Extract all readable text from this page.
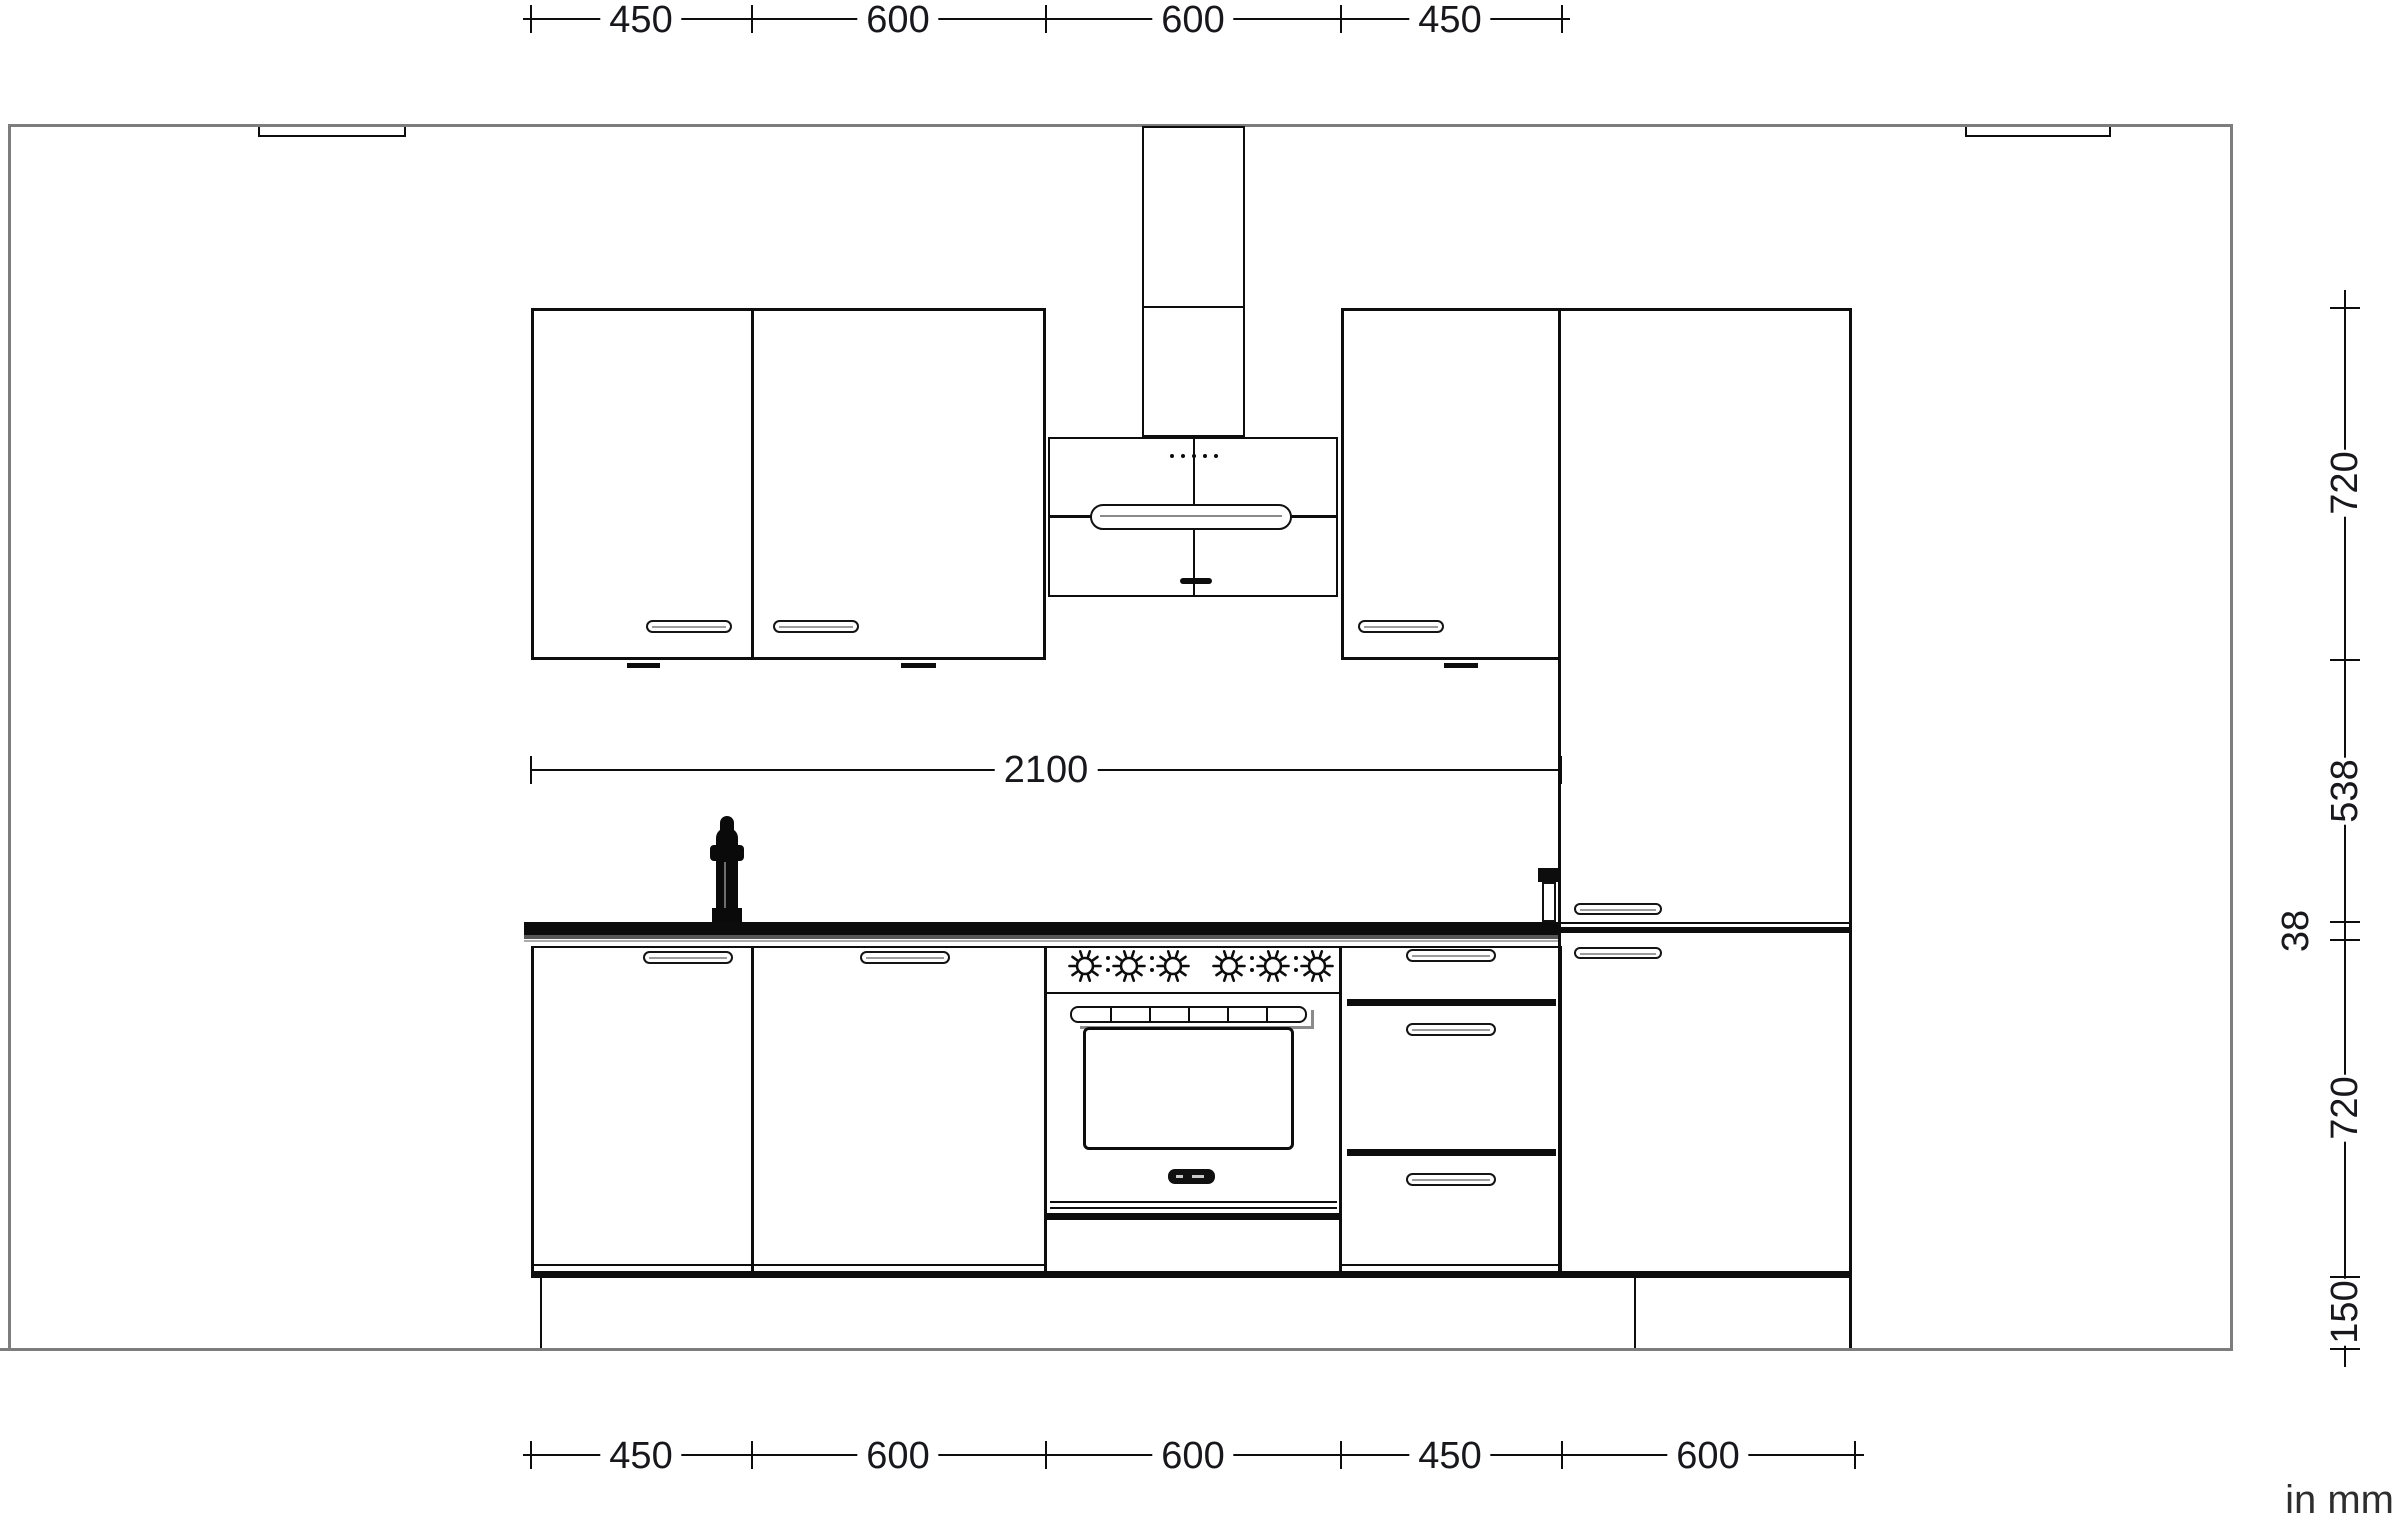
450	600	600	450
2100
720
538
38
720
150
450	600	600	450	600
in mm
